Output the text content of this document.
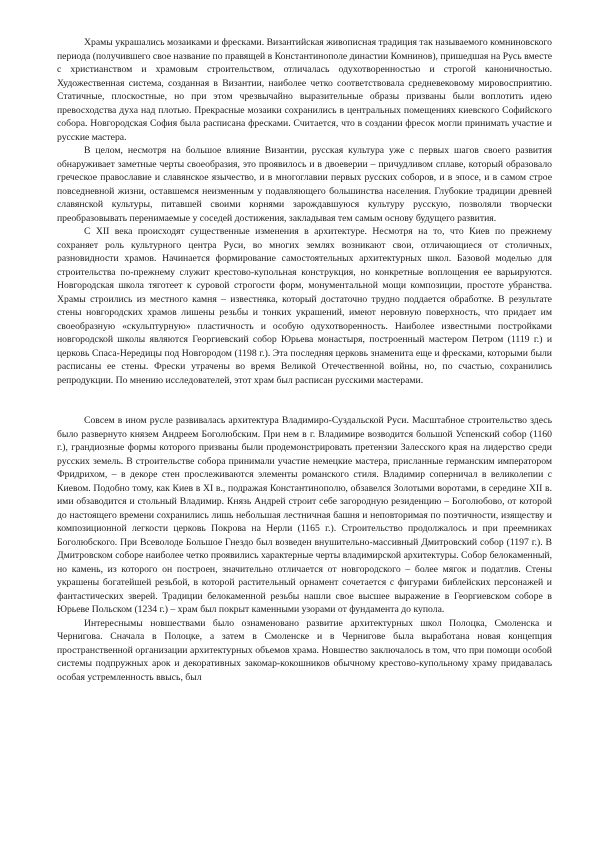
Храмы украшались мозаиками и фресками. Византийская живописная традиция так называемого комниновского периода (получившего свое название по правящей в Константинополе династии Комнинов), пришедшая на Русь вместе с христианством и храмовым строительством, отличалась одухотворенностью и строгой каноничностью. Художественная система, созданная в Византии, наиболее четко соответствовала средневековому мировосприятию. Статичные, плоскостные, но при этом чрезвычайно выразительные образы призваны были воплотить идею превосходства духа над плотью. Прекрасные мозаики сохранились в центральных помещениях киевского Софийского собора. Новгородская София была расписана фресками. Считается, что в создании фресок могли принимать участие и русские мастера.

В целом, несмотря на большое влияние Византии, русская культура уже с первых шагов своего развития обнаруживает заметные черты своеобразия, это проявилось и в двоеверии – причудливом сплаве, который образовало греческое православие и славянское язычество, и в многоглавии первых русских соборов, и в эпосе, и в самом строе повседневной жизни, оставшемся неизменным у подавляющего большинства населения. Глубокие традиции древней славянской культуры, питавшей своими корнями зарождавшуюся культуру русскую, позволяли творчески преобразовывать перенимаемые у соседей достижения, закладывая тем самым основу будущего развития.

С XII века происходят существенные изменения в архитектуре. Несмотря на то, что Киев по прежнему сохраняет роль культурного центра Руси, во многих землях возникают свои, отличающиеся от столичных, разновидности храмов. Начинается формирование самостоятельных архитектурных школ. Базовой моделью для строительства по-прежнему служит крестово-купольная конструкция, но конкретные воплощения ее варьируются. Новгородская школа тяготеет к суровой строгости форм, монументальной мощи композиции, простоте убранства. Храмы строились из местного камня – известняка, который достаточно трудно поддается обработке. В результате стены новгородских храмов лишены резьбы и тонких украшений, имеют неровную поверхность, что придает им своеобразную «скульптурную» пластичность и особую одухотворенность. Наиболее известными постройками новгородской школы являются Георгиевский собор Юрьева монастыря, построенный мастером Петром (1119 г.) и церковь Спаса-Нередицы под Новгородом (1198 г.). Эта последняя церковь знаменита еще и фресками, которыми были расписаны ее стены. Фрески утрачены во время Великой Отечественной войны, но, по счастью, сохранились репродукции. По мнению исследователей, этот храм был расписан русскими мастерами.

Совсем в ином русле развивалась архитектура Владимиро-Суздальской Руси. Масштабное строительство здесь было развернуто князем Андреем Боголюбским. При нем в г. Владимире возводится большой Успенский собор (1160 г.), грандиозные формы которого призваны были продемонстрировать претензии Залесского края на лидерство среди русских земель. В строительстве собора принимали участие немецкие мастера, присланные германским императором Фридрихом, – в декоре стен прослеживаются элементы романского стиля. Владимир соперничал в великолепии с Киевом. Подобно тому, как Киев в XI в., подражая Константинополю, обзавелся Золотыми воротами, в середине XII в. ими обзаводится и стольный Владимир. Князь Андрей строит себе загородную резиденцию – Боголюбово, от которой до настоящего времени сохранились лишь небольшая лестничная башня и неповторимая по поэтичности, изяществу и композиционной легкости церковь Покрова на Нерли (1165 г.). Строительство продолжалось и при преемниках Боголюбского. При Всеволоде Большое Гнездо был возведен внушительно-массивный Дмитровский собор (1197 г.). В Дмитровском соборе наиболее четко проявились характерные черты владимирской архитектуры. Собор белокаменный, но камень, из которого он построен, значительно отличается от новгородского – более мягок и податлив. Стены украшены богатейшей резьбой, в которой растительный орнамент сочетается с фигурами библейских персонажей и фантастических зверей. Традиции белокаменной резьбы нашли свое высшее выражение в Георгиевском соборе в Юрьеве Польском (1234 г.) – храм был покрыт каменными узорами от фундамента до купола.

Интереснымы новшествами было ознаменовано развитие архитектурных школ Полоцка, Смоленска и Чернигова. Сначала в Полоцке, а затем в Смоленске и в Чернигове была выработана новая концепция пространственной организации архитектурных объемов храма. Новшество заключалось в том, что при помощи особой системы подпружных арок и декоративных закомар-кокошников обычному крестово-купольному храму придавалась особая устремленность ввысь, был
